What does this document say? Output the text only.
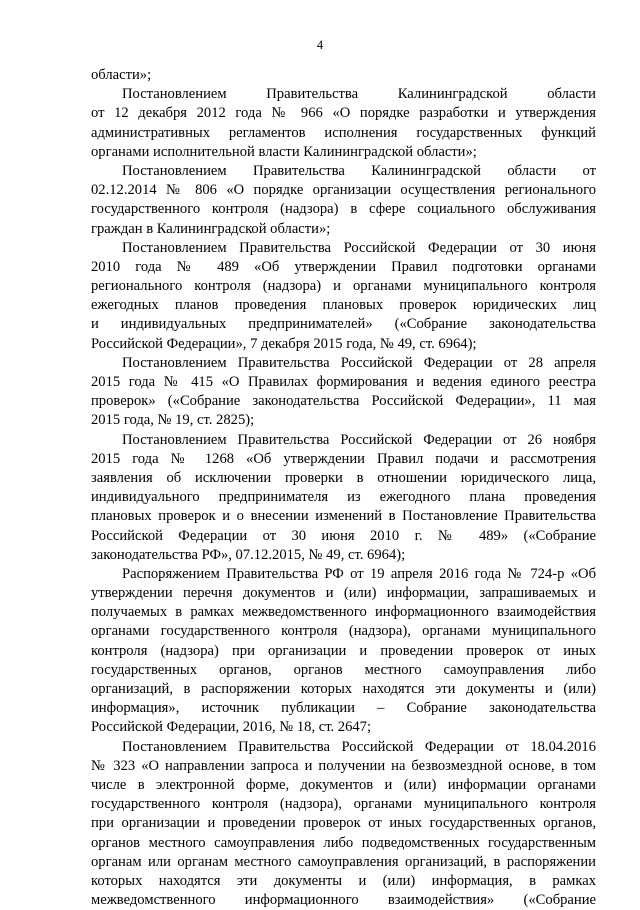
4
области»;
Постановлением Правительства Калининградской области
от 12 декабря 2012 года № 966 «О порядке разработки и утверждения
административных регламентов исполнения государственных функций
органами исполнительной власти Калининградской области»;
Постановлением Правительства Калининградской области от
02.12.2014 № 806 «О порядке организации осуществления регионального
государственного контроля (надзора) в сфере социального обслуживания
граждан в Калининградской области»;
Постановлением Правительства Российской Федерации от 30 июня
2010 года № 489 «Об утверждении Правил подготовки органами
регионального контроля (надзора) и органами муниципального контроля
ежегодных планов проведения плановых проверок юридических лиц
и индивидуальных предпринимателей» («Собрание законодательства
Российской Федерации», 7 декабря 2015 года, № 49, ст. 6964);
Постановлением Правительства Российской Федерации от 28 апреля
2015 года № 415 «О Правилах формирования и ведения единого реестра
проверок» («Собрание законодательства Российской Федерации», 11 мая
2015 года, № 19, ст. 2825);
Постановлением Правительства Российской Федерации от 26 ноября
2015 года № 1268 «Об утверждении Правил подачи и рассмотрения
заявления об исключении проверки в отношении юридического лица,
индивидуального предпринимателя из ежегодного плана проведения
плановых проверок и о внесении изменений в Постановление Правительства
Российской Федерации от 30 июня 2010 г. № 489» («Собрание
законодательства РФ», 07.12.2015, № 49, ст. 6964);
Распоряжением Правительства РФ от 19 апреля 2016 года № 724-р «Об
утверждении перечня документов и (или) информации, запрашиваемых и
получаемых в рамках межведомственного информационного взаимодействия
органами государственного контроля (надзора), органами муниципального
контроля (надзора) при организации и проведении проверок от иных
государственных органов, органов местного самоуправления либо
организаций, в распоряжении которых находятся эти документы и (или)
информация», источник публикации – Собрание законодательства
Российской Федерации, 2016, № 18, ст. 2647;
Постановлением Правительства Российской Федерации от 18.04.2016
№ 323 «О направлении запроса и получении на безвозмездной основе, в том
числе в электронной форме, документов и (или) информации органами
государственного контроля (надзора), органами муниципального контроля
при организации и проведении проверок от иных государственных органов,
органов местного самоуправления либо подведомственных государственным
органам или органам местного самоуправления организаций, в распоряжении
которых находятся эти документы и (или) информация, в рамках
межведомственного информационного взаимодействия» («Собрание
